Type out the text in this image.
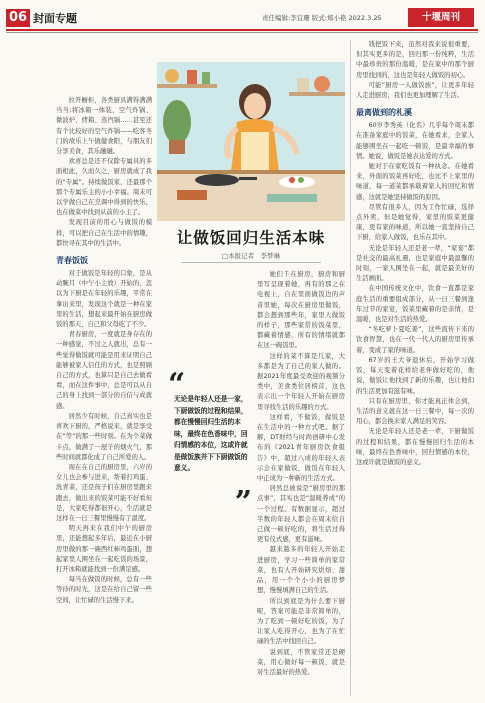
06 封面专题	责任编辑:李宜珊 版式:郑小艳 2022.3.25	十堰周刊

拉开橱柜，各类厨具满得满满当当;将冰箱一体装、空气炸锅、微波炉、烤箱、蒸汽锅……甚至还有个比较好的空气炸锅——吃客冬门的故乐上午做健食阳，与朋友们分享美食，其乐融融。

欢喜总是还不仅除专属具的多面相此，久而久之，厨房就成了我的“专属”。持续做饭家，还最那个那个专属乐主的小小幸福。周末可以学做自己在烹调中得到的快乐，也在做菜中找到从前的小主了。

发现目前的用心与做饭的模样，可以把自己在生活中的情趣，都快寻在其中的生活中。

青春饭饭

对于做饭是年轻的口象，是从动腕月（中午小主放）开始的，忽以为下厨是在年轻的乐趣，平常在拿出来里，发现这个就是一种在家里的生活，想起来最开始在厨房做饭的那天，自己和父母吃了不少。

青春厨房，一度就是身存在的一种感觉，不过之人就出，总有一些觉得做饭就可能是用来证明自己能够被家人信任的方式，也是照顾自己的方式，也算只是自己去做看看，而在这件事中，总是可以从自己的身上找到一部分的自信与成就感。

居然少有时候，自己真实也是喜欢下厨的，严格说来，就是享受在“等”的那一些时刻。在为个菜做卡点，做满了一屋子的烟火气，那些时间就都化成了自己所爱的人。

现在在自己的厨房里，六岁的女儿也会参与进来，帮着打鸡蛋、洗青菜，还是孩子们在厨房里跑来跑去，做出来的饭菜可能不好看但是，大家吃得都很开心，生活就是这样在一日三餐里慢慢有了温度。

明天再来在我们中午的厨房里，还能想起多年后，最近在小厨房里做的那一碗西红柿鸡蛋面，想起家里人围坐在一起吃饭的场景，打开冰箱就能找到一份满足感。

每当在做饭的时候，总有一些等待的时光，这是在给自己留一些空间，让忙碌的生活慢下来。

让做饭回归生活本味
□本报记者　李梦琳

她们千在厨房，厨房和厨里写呈现着她，再有的那之在电视上，自在里面做饭边的声音里她，每次在厨房里做饭，都会想到那些年，家里人做饭的样子，那些家常的饭菜里，都藏着情感，所有的情绪就都在这一碗饭里。

这样的菜不算是几家，大多都是为了自己的家人做的。据2021年度最受欢迎的视频分类中，美食类位居榜首，这也表示出一个年轻人开始在厨房里寻找生活的乐趣的方式。

这样看，不做饭，做饭是在生活中的一种方式吧。据了解，DT财经与时尚创研中心发布的《2021青年厨房饮食报告》中，超过八成的年轻人表示会在家做饭，做饭在年轻人中正成为一种新的生活方式。

居然总被说是“厨房里的那点事”，其实也是“温暖养成”的一个过程。有数据显示，超过半数的年轻人都会在周末给自己做一顿好吃的，将生活过得更有仪式感，更有滋味。

越来越多的年轻人开始走进厨房，学习一些简单的家常菜，也有人开始研究烘焙、甜品，用一个个小小的厨房梦想，慢慢填满自己的生活。

所以到底是为什么要下厨呢，答案可能是非常简单的，为了吃到一顿好吃的饭，为了让家人吃得开心，也为了在忙碌的生活中找回自己。

说到底，不管家常还是硬菜，用心做好每一顿饭，就是对生活最好的热爱。

“
无论是年轻人还是一家，下厨做饭的过程和结果，都在慢慢回归生活的本味，最终在色香味中，回归情感的本位，这或许就是做饭族并下下厨做饭的意义。
”

钱把饭下来，虽然对我来说很重要，但其实更多的是，回归那一份纯粹，生活中最珍贵的那份温暖，是在家中的那个厨房里找到的，这也是年轻人做饭的初心。

可能“厨房一人做饭族”，让更多年轻人走进厨房，我们也更加理解了生活。

最离做到的札溪

60岁李秀英（化名）几乎每个周末都在准备家庭中的饭菜，在她看来，全家人能够围坐在一起吃一顿饭，是最幸福的事情。她说，做饭是她表达爱的方式。

她对于在家吃饭有一种执念。在她看来，外面的饭菜再好吃，也比不上家里的味道，每一道菜都承载着家人的回忆和情感，这就是她坚持做饭的原因。

尽管有很多人，因为工作忙碌，选择点外卖，但是她觉得，家里的饭菜更健康，更有家的味道，所以她一直坚持自己下厨，给家人做饭，也乐在其中。

无论是年轻人还是老一辈，“家宴”都是社交的最高礼遇，也是家庭中最温馨的时刻，一家人围坐在一起，就是最美好的生活画面。

在中国传统文化中，饮食一直都是家庭生活的重要组成部分，从一日三餐到逢年过节的家宴，饭菜里藏着的是亲情，是温暖，也是对生活的热爱。

“冬吃萝卜夏吃姜”，这些流传下来的饮食智慧，也在一代一代人的厨房里传承着，变成了家的味道。

67岁的王大爷退休后，开始学习做饭，每天变着花样给老伴做好吃的，他说，做饭让他找到了新的乐趣，也让他们的生活更加有滋有味。

只有在厨房里，你才能真正体会到，生活的意义就在这一日三餐中，每一次的用心，都会换来家人满足的笑容。

无论是年轻人还是老一辈，下厨做饭的过程和结果，都在慢慢回归生活的本味，最终在色香味中，回归情感的本位，这或许就是做饭的意义。
